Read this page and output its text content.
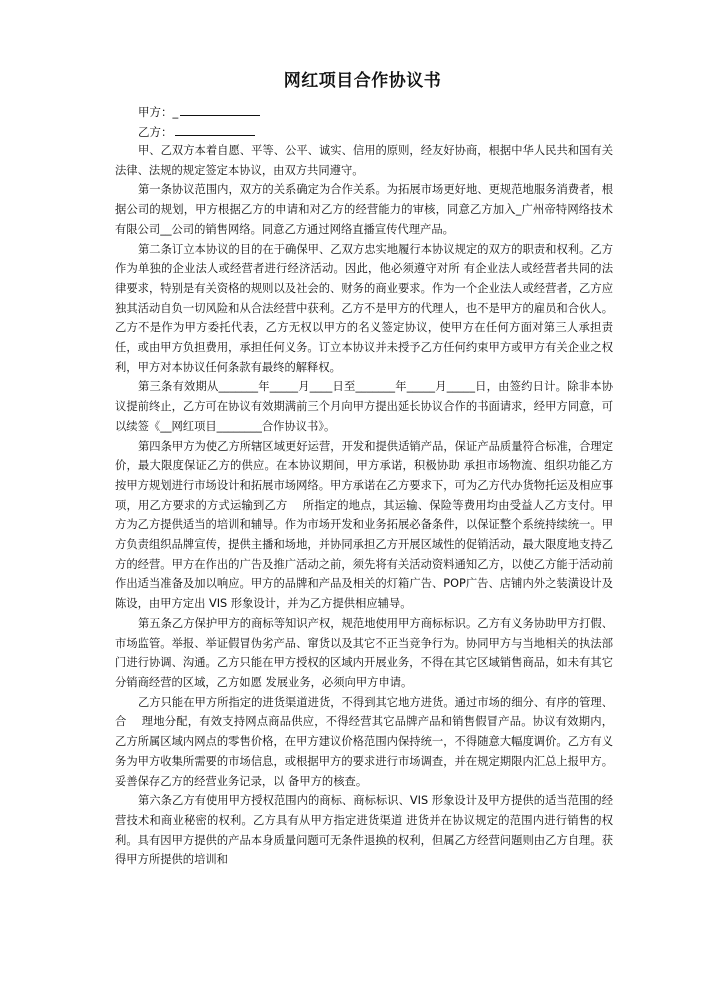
网红项目合作协议书
甲方：_
乙方：

甲、乙双方本着自愿、平等、公平、诚实、信用的原则，经友好协商，根据中华人民共和国有关法律、法规的规定签定本协议，由双方共同遵守。

第一条协议范围内，双方的关系确定为合作关系。为拓展市场更好地、更规范地服务消费者，根据公司的规划，甲方根据乙方的申请和对乙方的经营能力的审核，同意乙方加入_广州帝特网络技术有限公司__公司的销售网络。同意乙方通过网络直播宣传代理产品。

第二条订立本协议的目的在于确保甲、乙双方忠实地履行本协议规定的双方的职责和权利。乙方作为单独的企业法人或经营者进行经济活动。因此，他必须遵守对所 有企业法人或经营者共同的法律要求，特别是有关资格的规则以及社会的、财务的商业要求。作为一个企业法人或经营者，乙方应独其活动自负一切风险和从合法经营中获利。乙方不是甲方的代理人，也不是甲方的雇员和合伙人。乙方不是作为甲方委托代表，乙方无权以甲方的名义签定协议，使甲方在任何方面对第三人承担责任，或由甲方负担费用，承担任何义务。订立本协议并未授予乙方任何约束甲方或甲方有关企业之权利，甲方对本协议任何条款有最终的解释权。

第三条有效期从_______年_____月____日至_______年_____月_____日，由签约日计。除非本协议提前终止，乙方可在协议有效期满前三个月向甲方提出延长协议合作的书面请求，经甲方同意，可以续签《__网红项目________合作协议书》。

第四条甲方为使乙方所辖区域更好运营，开发和提供适销产品，保证产品质量符合标准，合理定价，最大限度保证乙方的供应。在本协议期间，甲方承诺，积极协助 承担市场物流、组织功能乙方按甲方规划进行市场设计和拓展市场网络。甲方承诺在乙方要求下，可为乙方代办货物托运及相应事项，用乙方要求的方式运输到乙方　 所指定的地点，其运输、保险等费用均由受益人乙方支付。甲方为乙方提供适当的培训和辅导。作为市场开发和业务拓展必备条件，以保证整个系统持续统一。甲方负责组织品牌宣传，提供主播和场地，并协同承担乙方开展区域性的促销活动，最大限度地支持乙方的经营。甲方在作出的广告及推广活动之前，须先将有关活动资料通知乙方，以使乙方能于活动前作出适当准备及加以响应。甲方的品牌和产品及相关的灯箱广告、POP广告、店铺内外之装潢设计及陈设，由甲方定出 VIS 形象设计，并为乙方提供相应辅导。

第五条乙方保护甲方的商标等知识产权，规范地使用甲方商标标识。乙方有义务协助甲方打假、市场监管。举报、举证假冒伪劣产品、窜货以及其它不正当竞争行为。协同甲方与当地相关的执法部门进行协调、沟通。乙方只能在甲方授权的区域内开展业务，不得在其它区域销售商品，如未有其它分销商经营的区域，乙方如愿 发展业务，必须向甲方申请。

乙方只能在甲方所指定的进货渠道进货，不得到其它地方进货。通过市场的细分、有序的管理、合　 理地分配，有效支持网点商品供应，不得经营其它品牌产品和销售假冒产品。协议有效期内，乙方所属区域内网点的零售价格，在甲方建议价格范围内保持统一，不得随意大幅度调价。乙方有义务为甲方收集所需要的市场信息，或根据甲方的要求进行市场调查，并在规定期限内汇总上报甲方。妥善保存乙方的经营业务记录，以 备甲方的核查。

第六条乙方有使用甲方授权范围内的商标、商标标识、VIS 形象设计及甲方提供的适当范围的经营技术和商业秘密的权利。乙方具有从甲方指定进货渠道 进货并在协议规定的范围内进行销售的权利。具有因甲方提供的产品本身质量问题可无条件退换的权利，但属乙方经营问题则由乙方自理。获得甲方所提供的培训和
